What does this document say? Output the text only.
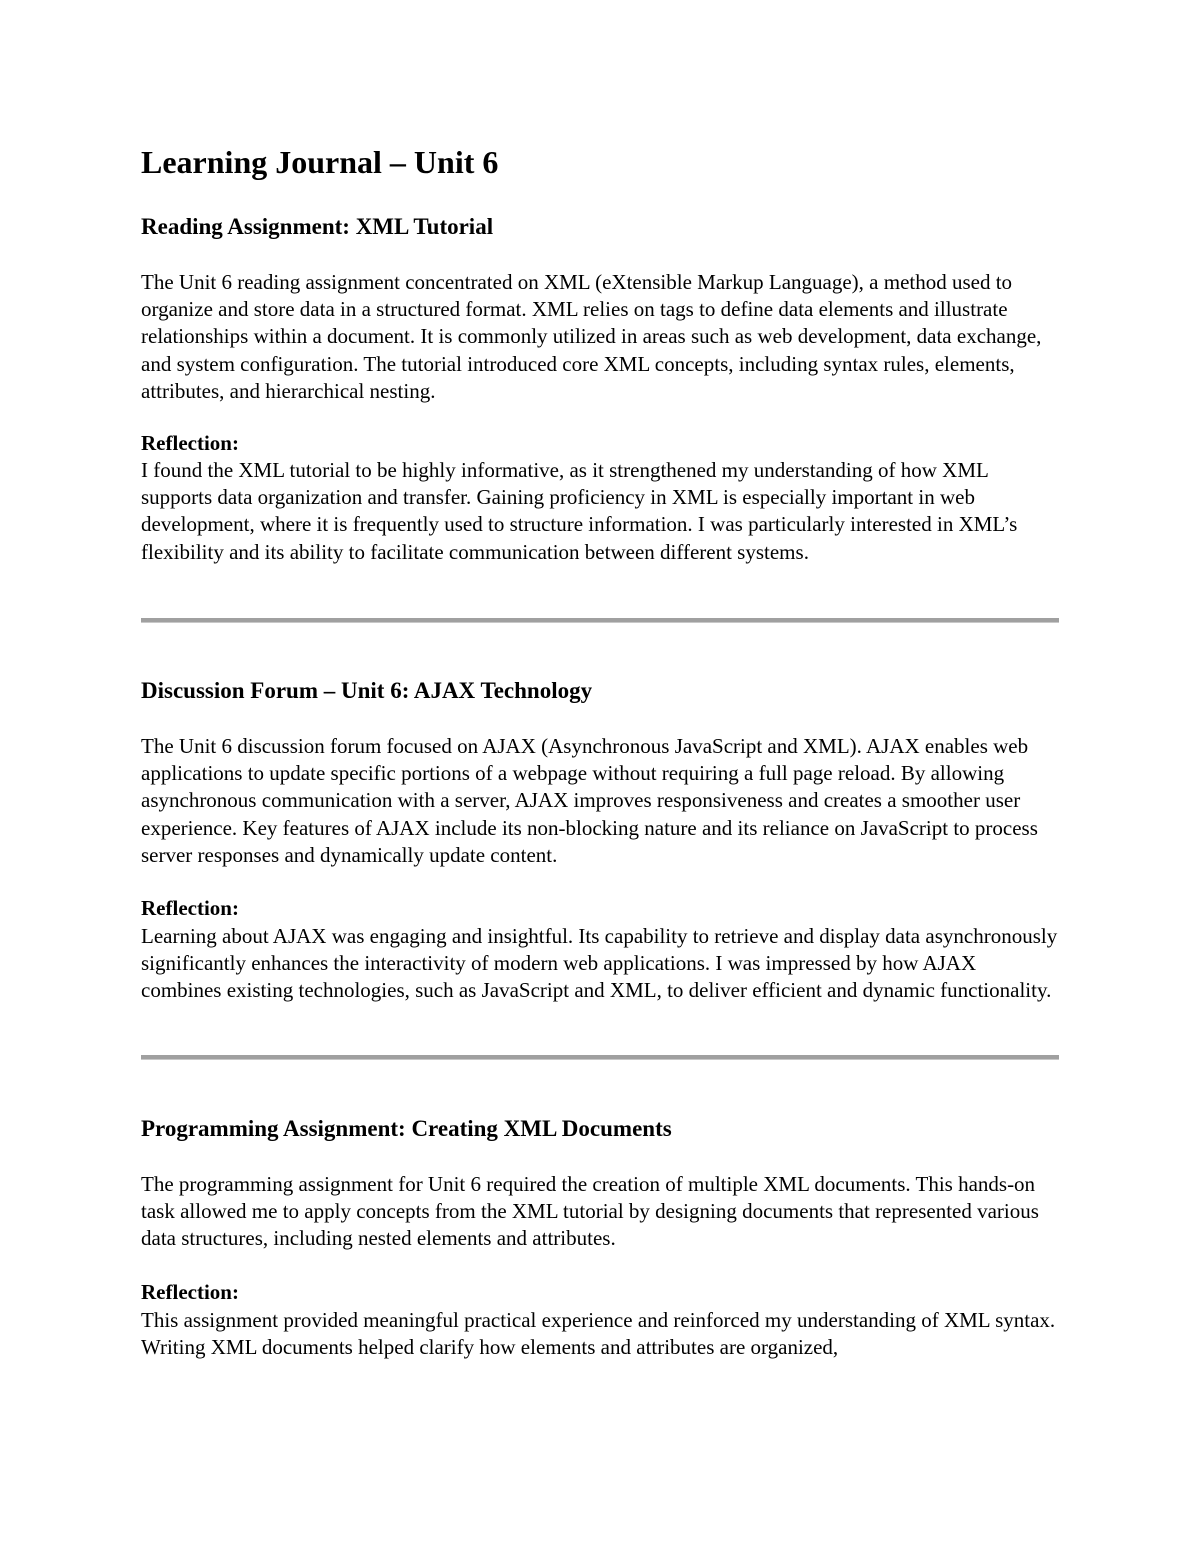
Learning Journal – Unit 6
Reading Assignment: XML Tutorial

The Unit 6 reading assignment concentrated on XML (eXtensible Markup Language), a method used to organize and store data in a structured format. XML relies on tags to define data elements and illustrate relationships within a document. It is commonly utilized in areas such as web development, data exchange, and system configuration. The tutorial introduced core XML concepts, including syntax rules, elements, attributes, and hierarchical nesting.

Reflection:

I found the XML tutorial to be highly informative, as it strengthened my understanding of how XML supports data organization and transfer. Gaining proficiency in XML is especially important in web development, where it is frequently used to structure information. I was particularly interested in XML’s flexibility and its ability to facilitate communication between different systems.

Discussion Forum – Unit 6: AJAX Technology

The Unit 6 discussion forum focused on AJAX (Asynchronous JavaScript and XML). AJAX enables web applications to update specific portions of a webpage without requiring a full page reload. By allowing asynchronous communication with a server, AJAX improves responsiveness and creates a smoother user experience. Key features of AJAX include its non-blocking nature and its reliance on JavaScript to process server responses and dynamically update content.

Reflection:

Learning about AJAX was engaging and insightful. Its capability to retrieve and display data asynchronously significantly enhances the interactivity of modern web applications. I was impressed by how AJAX combines existing technologies, such as JavaScript and XML, to deliver efficient and dynamic functionality.

Programming Assignment: Creating XML Documents

The programming assignment for Unit 6 required the creation of multiple XML documents. This hands-on task allowed me to apply concepts from the XML tutorial by designing documents that represented various data structures, including nested elements and attributes.

Reflection:

This assignment provided meaningful practical experience and reinforced my understanding of XML syntax. Writing XML documents helped clarify how elements and attributes are organized,
